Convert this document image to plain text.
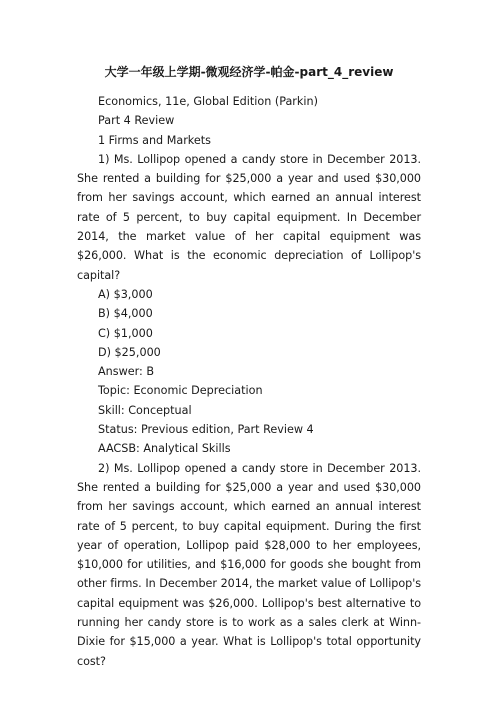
大学一年级上学期-微观经济学-帕金-part_4_review

Economics, 11e, Global Edition (Parkin)

Part 4 Review

1 Firms and Markets

1) Ms. Lollipop opened a candy store in December 2013. She rented a building for $25,000 a year and used $30,000 from her savings account, which earned an annual interest rate of 5 percent, to buy capital equipment. In December 2014, the market value of her capital equipment was $26,000. What is the economic depreciation of Lollipop's capital?

A) $3,000

B) $4,000

C) $1,000

D) $25,000

Answer: B

Topic: Economic Depreciation

Skill: Conceptual

Status: Previous edition, Part Review 4

AACSB: Analytical Skills

2) Ms. Lollipop opened a candy store in December 2013. She rented a building for $25,000 a year and used $30,000 from her savings account, which earned an annual interest rate of 5 percent, to buy capital equipment. During the first year of operation, Lollipop paid $28,000 to her employees, $10,000 for utilities, and $16,000 for goods she bought from other firms. In December 2014, the market value of Lollipop's capital equipment was $26,000. Lollipop's best alternative to running her candy store is to work as a sales clerk at Winn-Dixie for $15,000 a year. What is Lollipop's total opportunity cost?
